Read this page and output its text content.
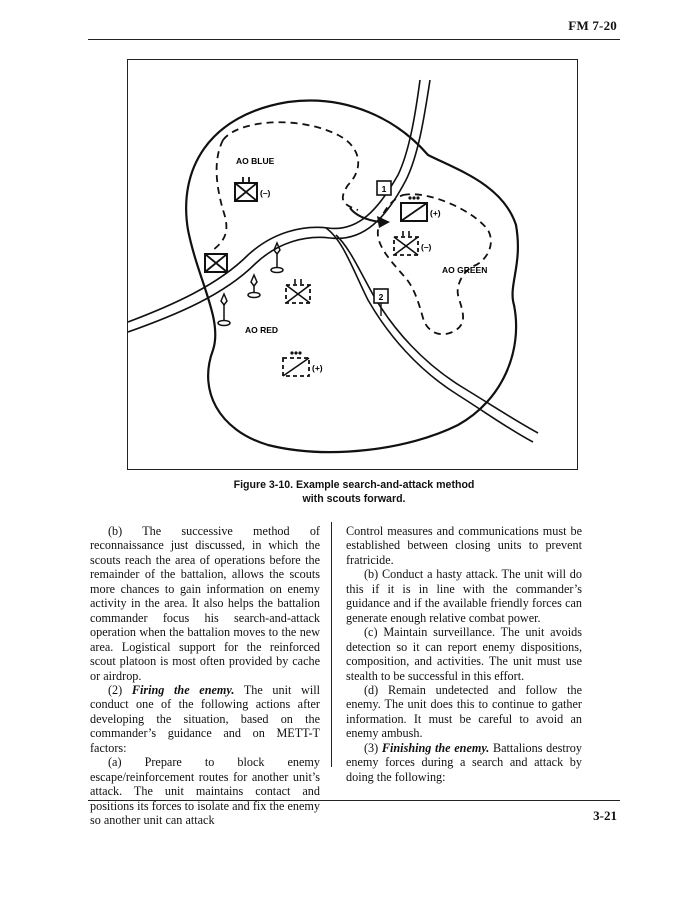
FM 7-20
1
2
(–)
AO BLUE
AO RED
(+)
(–)
AO GREEN
(+)
Figure 3-10. Example search-and-attack method
with scouts forward.

(b) The successive method of reconnaissance just discussed, in which the scouts reach the area of operations before the remainder of the battalion, allows the scouts more chances to gain information on enemy activity in the area. It also helps the battalion commander focus his search-and-attack operation when the battalion moves to the new area. Logistical support for the reinforced scout platoon is most often provided by cache or airdrop.

(2) Firing the enemy. The unit will conduct one of the following actions after developing the situation, based on the commander’s guidance and on METT-T factors:

(a) Prepare to block enemy escape/reinforcement routes for another unit’s attack. The unit maintains contact and positions its forces to isolate and fix the enemy so another unit can attack

Control measures and communications must be established between closing units to prevent fratricide.

(b) Conduct a hasty attack. The unit will do this if it is in line with the commander’s guidance and if the available friendly forces can generate enough relative combat power.

(c) Maintain surveillance. The unit avoids detection so it can report enemy dispositions, composition, and activities. The unit must use stealth to be successful in this effort.

(d) Remain undetected and follow the enemy. The unit does this to continue to gather information. It must be careful to avoid an enemy ambush.

(3) Finishing the enemy. Battalions destroy enemy forces during a search and attack by doing the following:

3-21
